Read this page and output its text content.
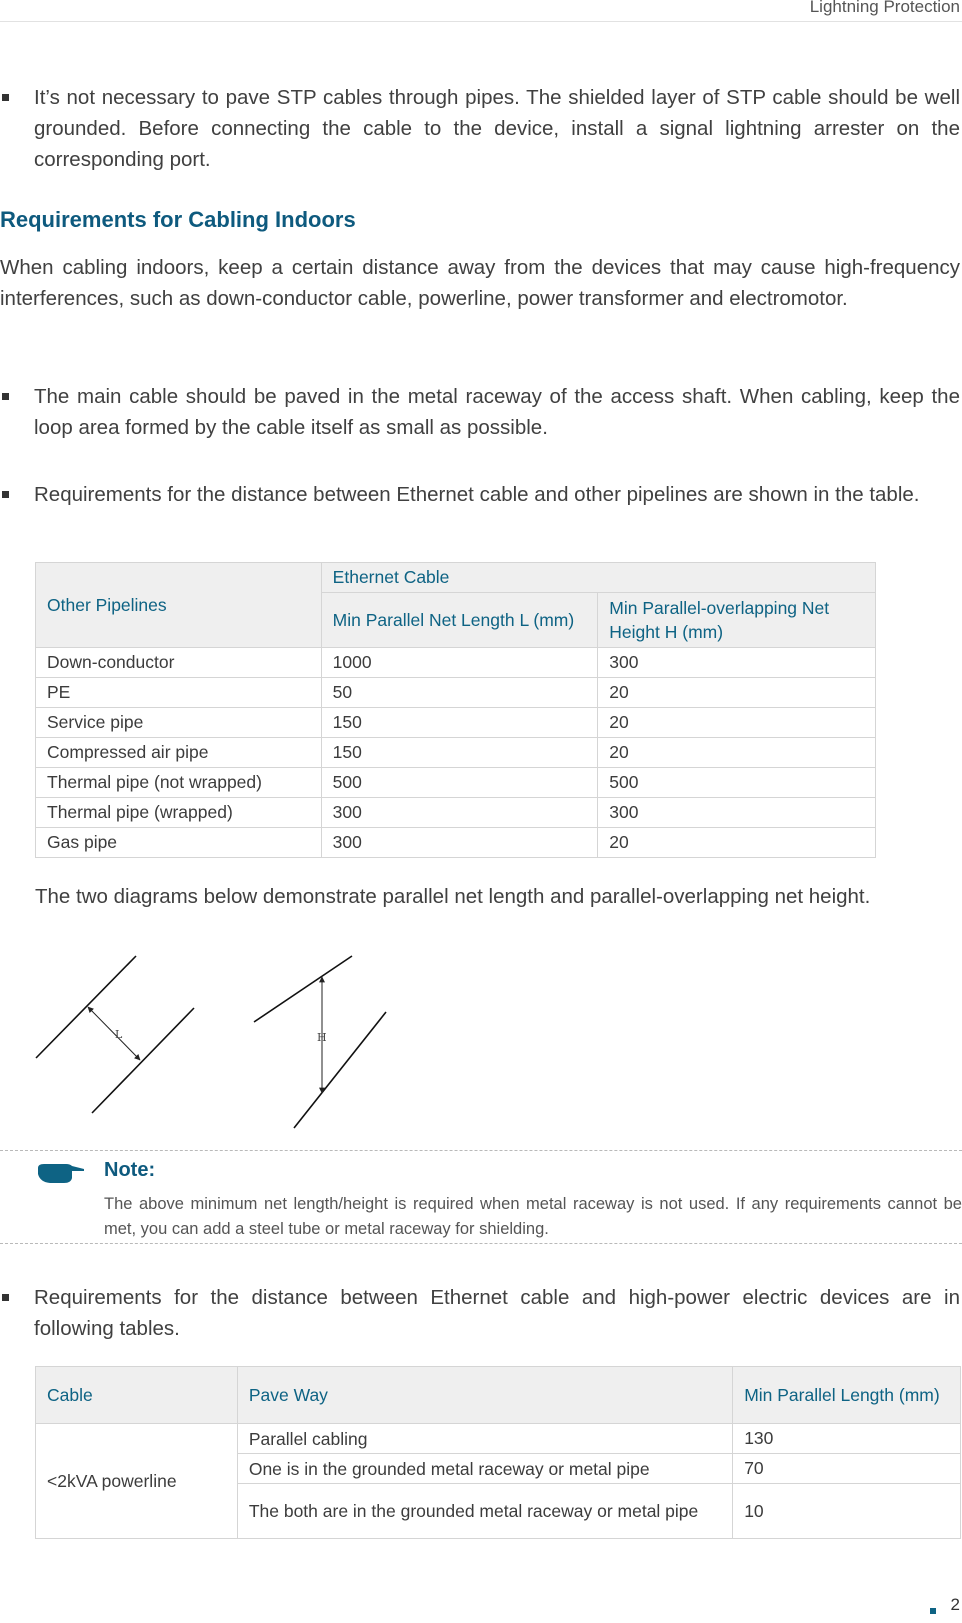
Lightning Protection
It’s not necessary to pave STP cables through pipes. The shielded layer of STP cable should be well grounded. Before connecting the cable to the device, install a signal lightning arrester on the corresponding port.
Requirements for Cabling Indoors
When cabling indoors, keep a certain distance away from the devices that may cause high-frequency interferences, such as down-conductor cable, powerline, power transformer and electromotor.
The main cable should be paved in the metal raceway of the access shaft. When cabling, keep the loop area formed by the cable itself as small as possible.
Requirements for the distance between Ethernet cable and other pipelines are shown in the table.
Other Pipelines	Ethernet Cable	
	Min Parallel Net Length L (mm)	Min Parallel-overlapping Net Height H (mm)
Down-conductor	1000	300
PE	50	20
Service pipe	150	20
Compressed air pipe	150	20
Thermal pipe (not wrapped)	500	500
Thermal pipe (wrapped)	300	300
Gas pipe	300	20
The two diagrams below demonstrate parallel net length and parallel-overlapping net height.
L	H
Note:
The above minimum net length/height is required when metal raceway is not used. If any requirements cannot be met, you can add a steel tube or metal raceway for shielding.
Requirements for the distance between Ethernet cable and high-power electric devices are in following tables.
Cable	Pave Way	Min Parallel Length (mm)
<2kVA powerline	Parallel cabling	130
	One is in the grounded metal raceway or metal pipe	70
	The both are in the grounded metal raceway or metal pipe	10
2
